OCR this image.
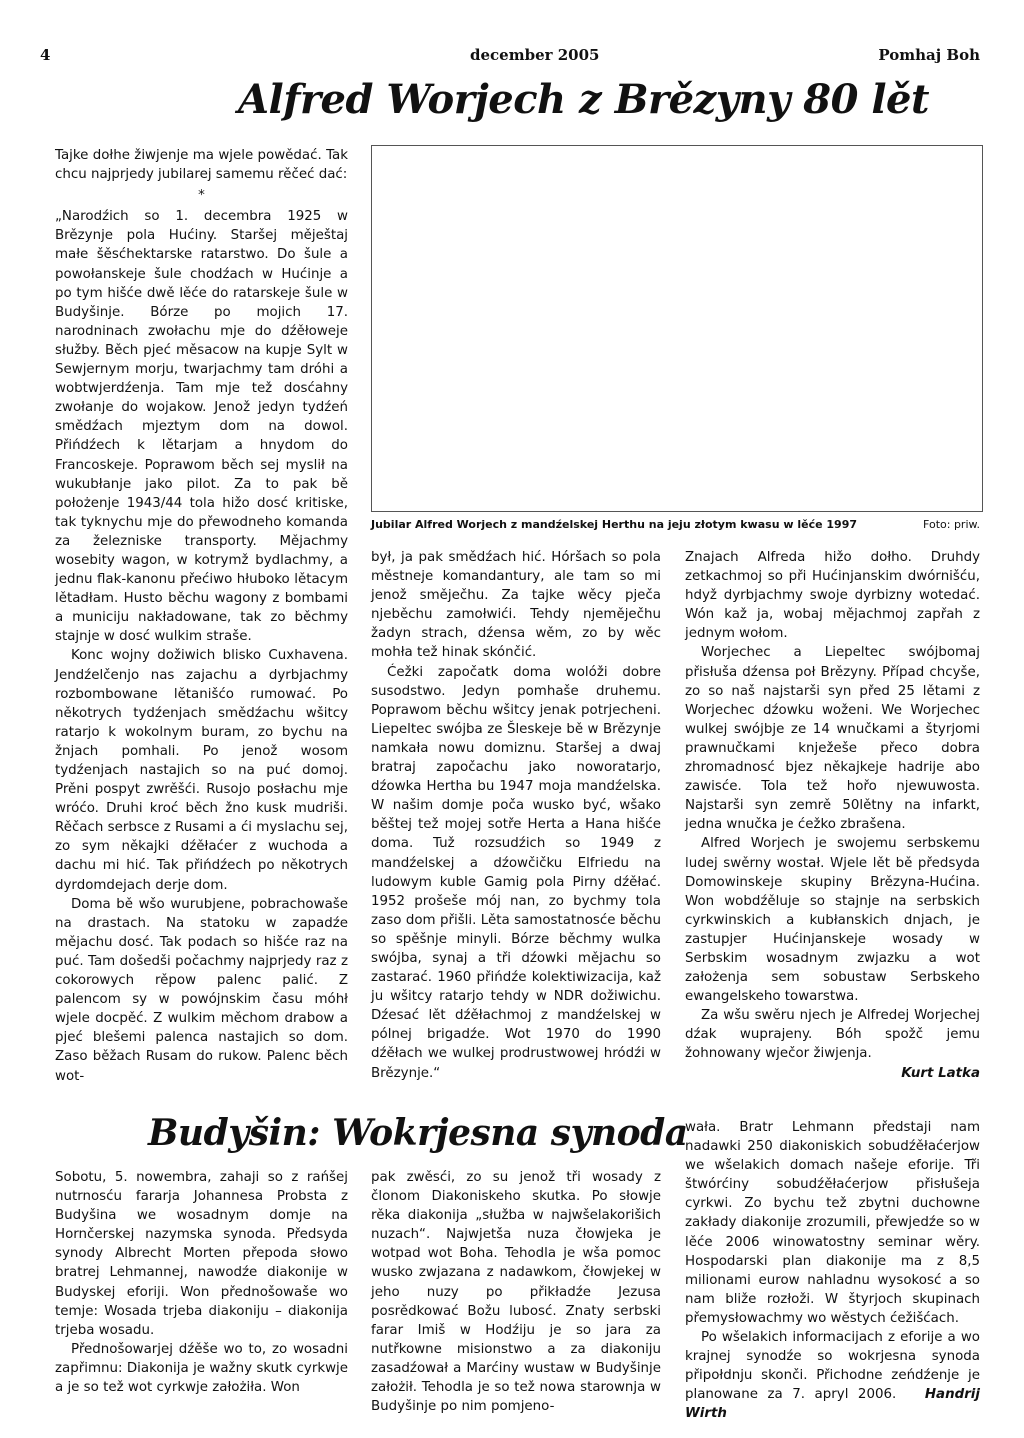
4	december 2005	Pomhaj Boh
Alfred Worjech z Brězyny 80 lět

Tajke dołhe žiwjenje ma wjele powědać. Tak chcu najprjedy jubilarej samemu rěčeć dać:

*

„Narodźich so 1. decembra 1925 w Brězynje pola Hućiny. Staršej měještaj małe šěsćhektarske ratarstwo. Do šule a powołanskeje šule chodźach w Hućinje a po tym hišće dwě lěće do ratarskeje šule w Budyšinje. Bórze po mojich 17. narodninach zwołachu mje do dźěłoweje słužby. Běch pjeć měsacow na kupje Sylt w Sewjernym morju, twarjachmy tam dróhi a wobtwjerdźenja. Tam mje tež dosćahny zwołanje do wojakow. Jenož jedyn tydźeń smědźach mjeztym dom na dowol. Přińdźech k lětarjam a hnydom do Francoskeje. Poprawom běch sej myslił na wukubłanje jako pilot. Za to pak bě położenje 1943/44 tola hižo dosć kritiske, tak tyknychu mje do přewodneho komanda za železniske transporty. Mějachmy wosebity wagon, w kotrymž bydlachmy, a jednu flak-kanonu přećiwo hłuboko lětacym lětadłam. Husto běchu wagony z bombami a municiju nakładowane, tak zo běchmy stajnje w dosć wulkim strašе.

Konc wojny dožiwich blisko Cuxhavena. Jendźelčenjo nas zajachu a dyrbjachmy rozbombowane lětanišćo rumować. Po někotrych tydźenjach smědźachu wšitcy ratarjo k wokolnym buram, zo bychu na žnjach pomhali. Po jenož wosom tydźenjach nastajich so na puć domoj. Prěni pospyt zwrěšći. Rusojo posłachu mje wróćo. Druhi kroć běch žno kusk mudriši. Rěčach serbsce z Rusami a ći myslachu sej, zo sym někajki dźěłaćer z wuchoda a dachu mi hić. Tak přińdźech po někotrych dyrdomdejach derje dom.

Doma bě wšo wurubjene, pobrachowaše na drastach. Na statoku w zapadźe mějachu dosć. Tak podach so hišće raz na puć. Tam došedši počachmy najprjedy raz z cokorowych rěpow palenc palić. Z palencom sy w powójnskim času móhł wjele docpěć. Z wulkim měchom drabow a pjeć blešemi palenca nastajich so dom. Zaso běžach Rusam do rukow. Palenc běch wot-

Jubilar Alfred Worjech z mandźelskej Herthu na jeju złotym kwasu w lěće 1997	Foto: priw.

był, ja pak smědźach hić. Hóršach so pola městneje komandantury, ale tam so mi jenož směječhu. Za tajke wěcy pječa njeběchu zamołwići. Tehdy njeměječhu žadyn strach, dźensa wěm, zo by wěc mohła tež hinak skónčić.

Ćežki započatk doma wolóži dobre susodstwo. Jedyn pomhaše druhemu. Poprawom běchu wšitcy jenak potrjecheni. Liepeltec swójba ze Šleskeje bě w Brězynje namkała nowu domiznu. Staršej a dwaj bratraj započachu jako noworatarjo, dźowka Hertha bu 1947 moja mandźelska. W našim domje poča wusko być, wšako běštej tež mojej sotře Herta a Hana hišće doma. Tuž rozsudźich so 1949 z mandźelskej a dźowčičku Elfriedu na ludowym kuble Gamig pola Pirny dźěłać. 1952 prošeše mój nan, zo bychmy tola zaso dom přišli. Lěta samostatnosće běchu so spěšnje minyli. Bórze běchmy wulka swójba, synaj a tři dźowki mějachu so zastarać. 1960 přińdźe kolektiwizacija, kaž ju wšitcy ratarjo tehdy w NDR dožiwichu. Dźesać lět dźěłachmoj z mandźelskej w pólnej brigadźe. Wot 1970 do 1990 dźěłach we wulkej prodrustwowej hródźi w Brězynje.“

Znajach Alfreda hižo dołho. Druhdy zetkachmoj so při Hućinjanskim dwórnišću, hdyž dyrbjachmy swoje dyrbizny wotedać. Wón kaž ja, wobaj mějachmoj zapřah z jednym wołom.

Worjechec a Liepeltec swójbomaj přisłuša dźensa poł Brězyny. Případ chcyše, zo so naš najstarši syn před 25 lětami z Worjechec dźowku woženi. We Worjechec wulkej swójbje ze 14 wnučkami a štyrjomi prawnučkami knježeše přeco dobra zhromadnosć bjez někajkeje hadrije abo zawisće. Tola tež hořo njewuwosta. Najstarši syn zemrě 50lětny na infarkt, jedna wnučka je ćežko zbrašena.

Alfred Worjech je swojemu serbskemu ludej swěrny wostał. Wjele lět bě předsyda Domowinskeje skupiny Brězyna-Hućina. Won wobdźěluje so stajnje na serbskich cyrkwinskich a kubłanskich dnjach, je zastupjer Hućinjanskeje wosady w Serbskim wosadnym zwjazku a wot założenja sem sobustaw Serbskeho ewangelskeho towarstwa.

Za wšu swěru njech je Alfredej Worjechej dźak wuprajeny. Bóh spožč jemu žohnowany wječor žiwjenja.

Kurt Latka

Budyšin: Wokrjesna synoda

Sobotu, 5. nowembra, zahaji so z rańšej nutrnosću fararja Johannesa Probsta z Budyšina we wosadnym domje na Hornčerskej nazymska synoda. Předsyda synody Albrecht Morten přepoda słowo bratrej Lehmannej, nawodźe diakonije w Budyskej eforiji. Won přednošowaše wo temje: Wosada trjeba diakoniju – diakonija trjeba wosadu.

Přednošowarjej dźěše wo to, zo wosadni zapřimnu: Diakonija je wažny skutk cyrkwje a je so tež wot cyrkwje założiła. Won

pak zwěsći, zo su jenož tři wosady z člonom Diakoniskeho skutka. Po słowje rěka diakonija „słužba w najwšelakorišich nuzach“. Najwjetša nuza čłowjeka je wotpad wot Boha. Tehodla je wša pomoc wusko zwjazana z nadawkom, čłowjekej w jeho nuzy po přikładźe Jezusa posrědkować Božu lubosć. Znaty serbski farar Imiš w Hodźiju je so jara za nutřkowne misionstwo a za diakoniju zasadźował a Marćiny wustaw w Budyšinje założił. Tehodla je so tež nowa starownja w Budyšinje po nim pomjeno-

wała. Bratr Lehmann předstaji nam nadawki 250 diakoniskich sobudźěłaćerjow we wšelakich domach našeje eforije. Tři štwórćiny sobudźěłaćerjow přisłušeja cyrkwi. Zo bychu tež zbytni duchowne zakłady diakonije zrozumili, přewjedźe so w lěće 2006 winowatostny seminar wěry. Hospodarski plan diakonije ma z 8,5 milionami eurow nahladnu wysokosć a so nam bliže rozłoži. W štyrjoch skupinach přemysłowachmy wo wěstych ćežišćach.

Po wšelakich informacijach z eforije a wo krajnej synodźe so wokrjesna synoda připołdnju skonči. Přichodne zeńdźenje je planowane za 7. apryl 2006. Handrij Wirth
